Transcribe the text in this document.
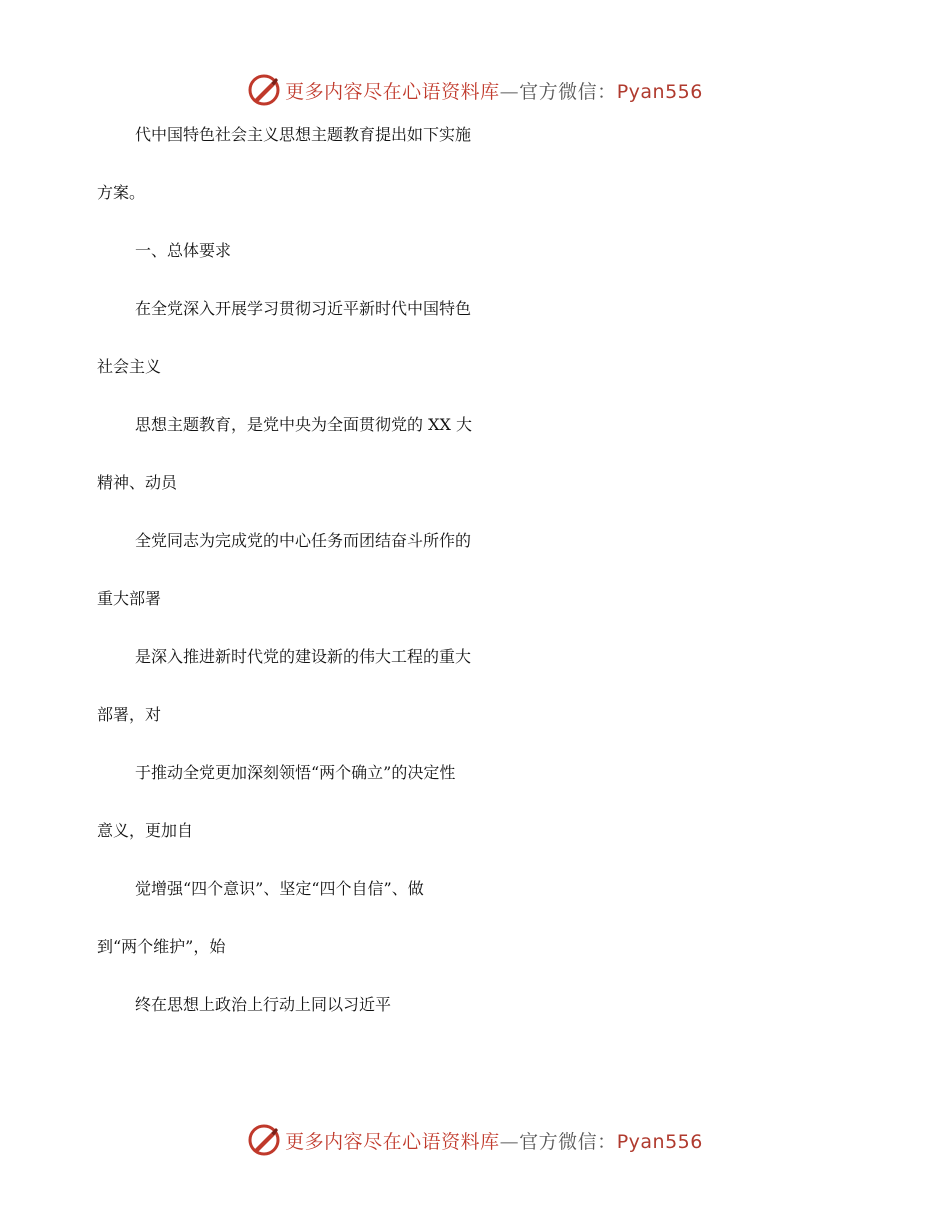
更多内容尽在心语资料库—官方微信：Pyan556
代中国特色社会主义思想主题教育提出如下实施
方案。
一、总体要求
在全党深入开展学习贯彻习近平新时代中国特色
社会主义
思想主题教育，是党中央为全面贯彻党的 XX 大
精神、动员
全党同志为完成党的中心任务而团结奋斗所作的
重大部署
是深入推进新时代党的建设新的伟大工程的重大
部署，对
于推动全党更加深刻领悟“两个确立”的决定性
意义，更加自
觉增强“四个意识”、坚定“四个自信”、做
到“两个维护”，始
终在思想上政治上行动上同以习近平
更多内容尽在心语资料库—官方微信：Pyan556
